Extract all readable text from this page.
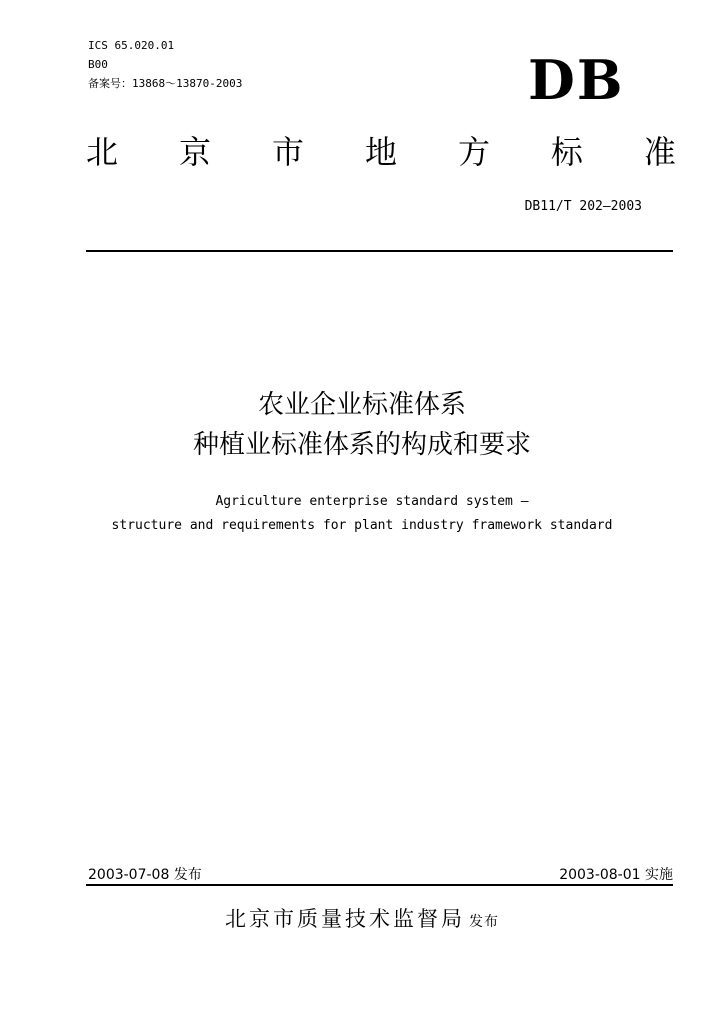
ICS 65.020.01
B00
备案号：13868～13870-2003	DB
北 京 市 地 方 标 准
DB11/T 202—2003
农业企业标准体系
种植业标准体系的构成和要求
Agriculture enterprise standard system —
structure and requirements for plant industry framework standard
2003-07-08 发布	2003-08-01 实施
北京市质量技术监督局 发布
